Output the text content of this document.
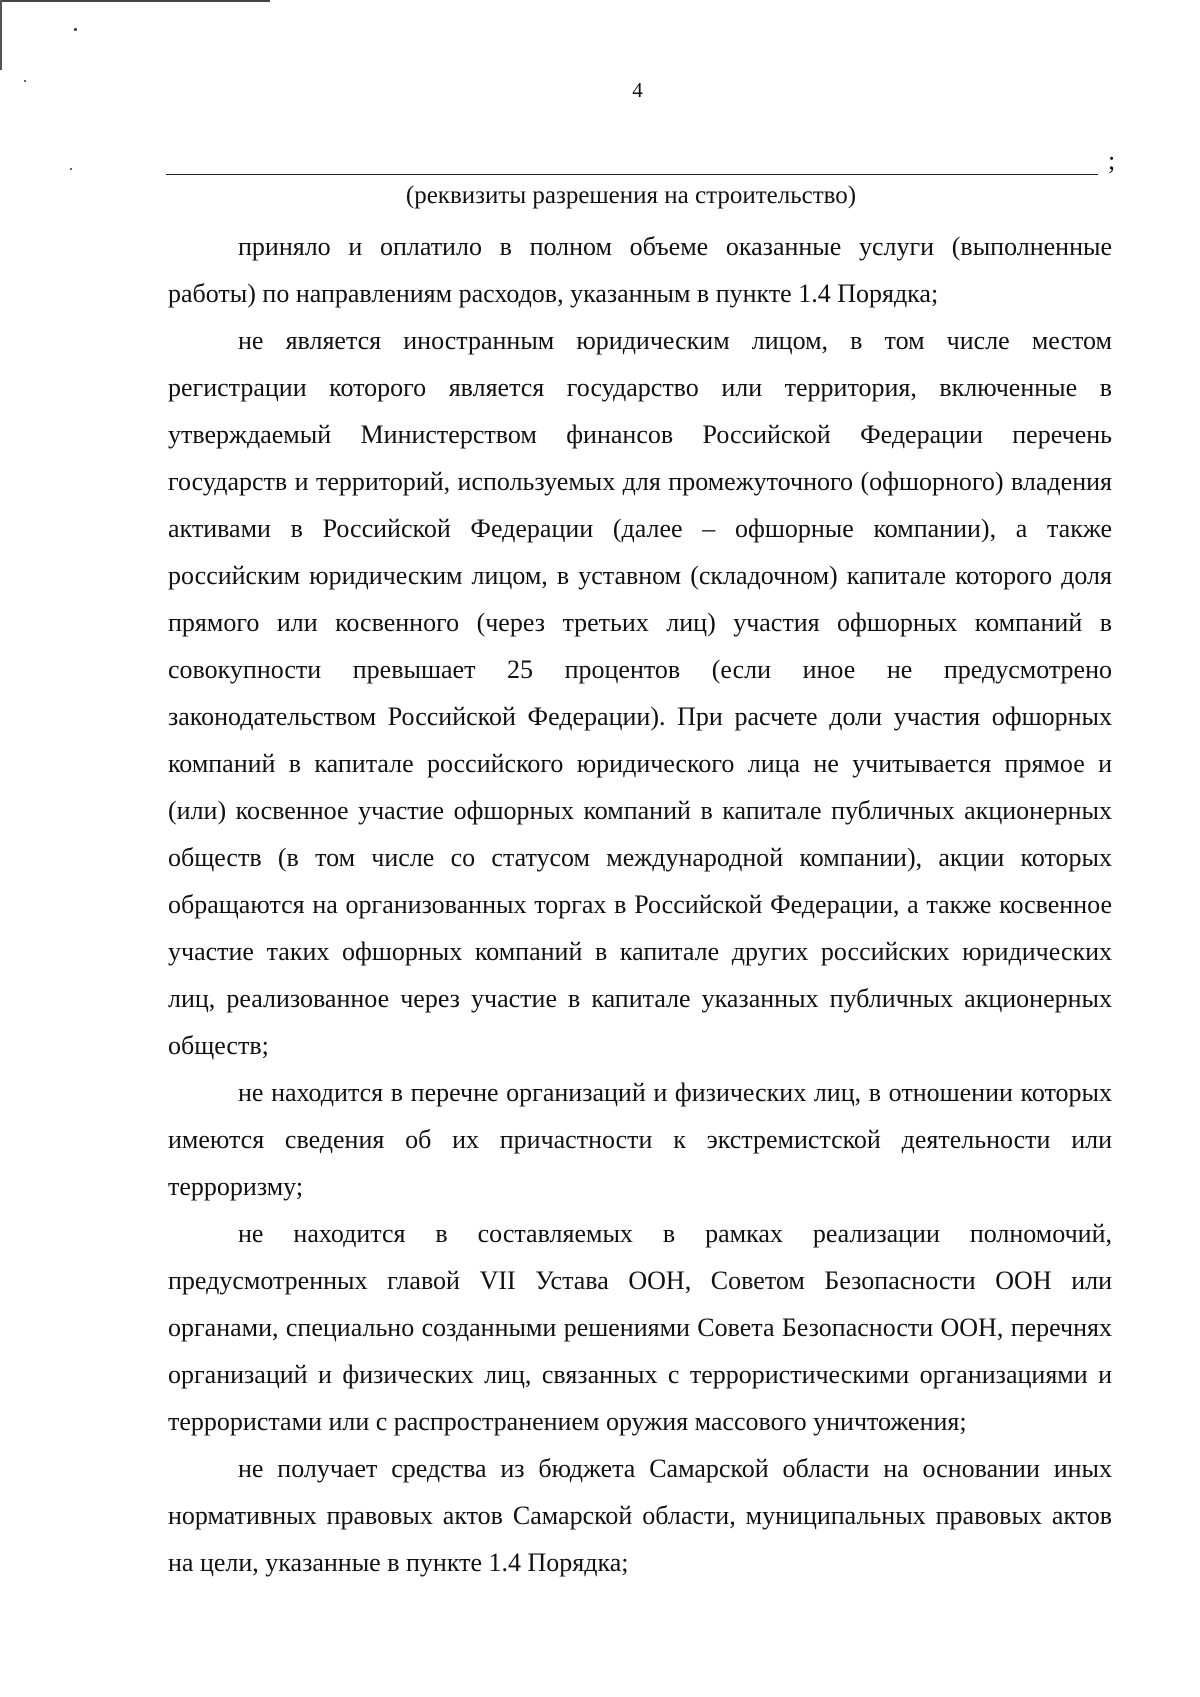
4
;
(реквизиты разрешения на строительство)

приняло и оплатило в полном объеме оказанные услуги (выполненные работы) по направлениям расходов, указанным в пункте 1.4 Порядка;

не является иностранным юридическим лицом, в том числе местом регистрации которого является государство или территория, включенные в утверждаемый Министерством финансов Российской Федерации перечень государств и территорий, используемых для промежуточного (офшорного) владения активами в Российской Федерации (далее – офшорные компании), а также российским юридическим лицом, в уставном (складочном) капитале которого доля прямого или косвенного (через третьих лиц) участия офшорных компаний в совокупности превышает 25 процентов (если иное не предусмотрено законодательством Российской Федерации). При расчете доли участия офшорных компаний в капитале российского юридического лица не учитывается прямое и (или) косвенное участие офшорных компаний в капитале публичных акционерных обществ (в том числе со статусом международной компании), акции которых обращаются на организованных торгах в Российской Федерации, а также косвенное участие таких офшорных компаний в капитале других российских юридических лиц, реализованное через участие в капитале указанных публичных акционерных обществ;

не находится в перечне организаций и физических лиц, в отношении которых имеются сведения об их причастности к экстремистской деятельности или терроризму;

не находится в составляемых в рамках реализации полномочий, предусмотренных главой VII Устава ООН, Советом Безопасности ООН или органами, специально созданными решениями Совета Безопасности ООН, перечнях организаций и физических лиц, связанных с террористическими организациями и террористами или с распространением оружия массового уничтожения;

не получает средства из бюджета Самарской области на основании иных нормативных правовых актов Самарской области, муниципальных правовых актов на цели, указанные в пункте 1.4 Порядка;
